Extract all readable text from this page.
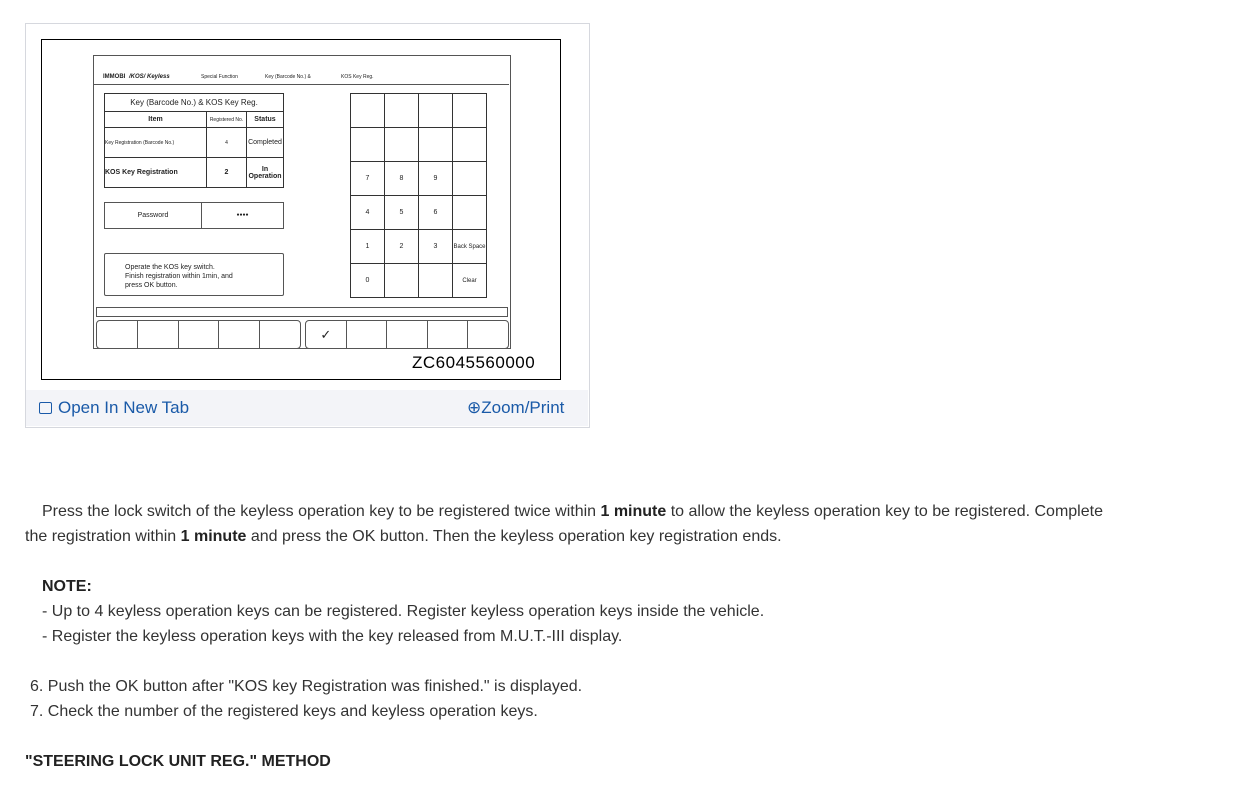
IMMOBI /KOS/ Keyless	Special Function	Key (Barcode No.) &	KOS Key Reg.
Key (Barcode No.) & KOS Key Reg.		
Item	Registered No.	Status
Key Registration (Barcode No.)	4	Completed
KOS Key Registration	2	In Operation
Password	●●●●
Operate the KOS key switch.
Finish registration within 1min, and
press OK button.

7	8	9	
4	5	6	
1	2	3	Back Space
0			Clear
✓
ZC6045560000
Open In New Tab	⊕Zoom/Print
Press the lock switch of the keyless operation key to be registered twice within 1 minute to allow the keyless operation key to be registered. Complete
the registration within 1 minute and press the OK button. Then the keyless operation key registration ends.
NOTE:
- Up to 4 keyless operation keys can be registered. Register keyless operation keys inside the vehicle.
- Register the keyless operation keys with the key released from M.U.T.-III display.
6. Push the OK button after "KOS key Registration was finished." is displayed.
7. Check the number of the registered keys and keyless operation keys.
"STEERING LOCK UNIT REG." METHOD
